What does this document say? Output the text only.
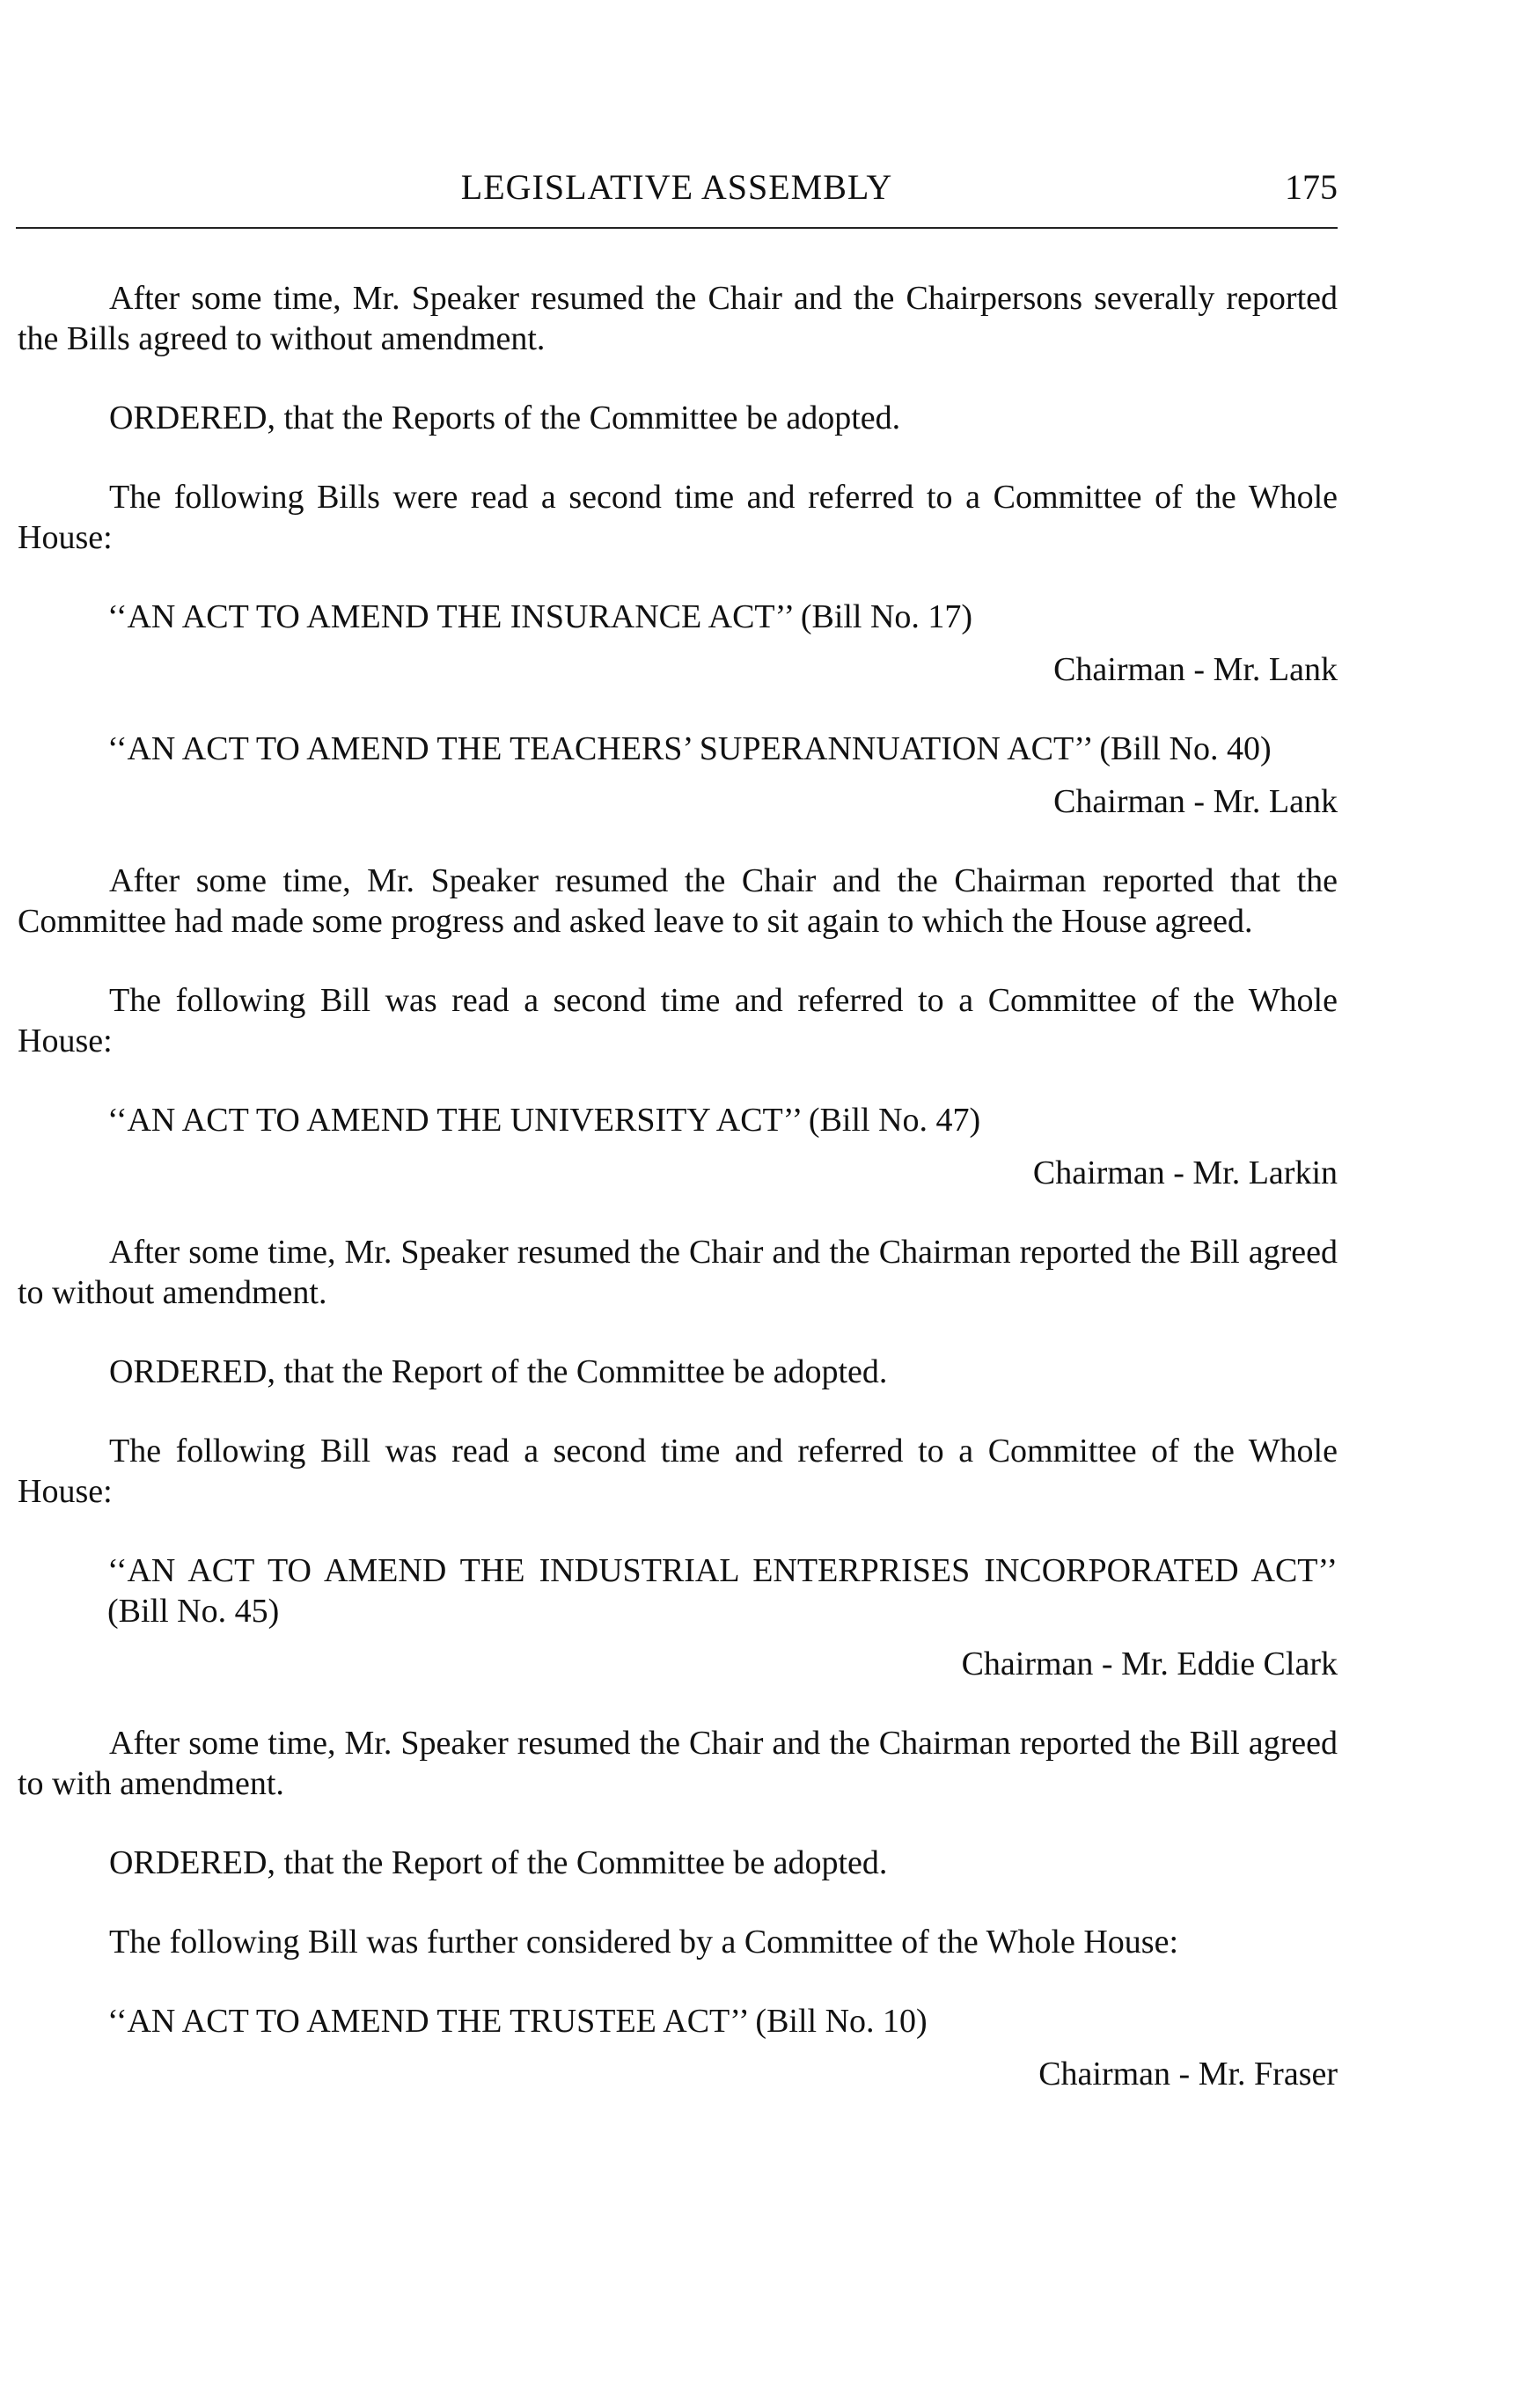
LEGISLATIVE ASSEMBLY	175

After some time, Mr. Speaker resumed the Chair and the Chairpersons severally reported the Bills agreed to without amendment.

ORDERED, that the Reports of the Committee be adopted.

The following Bills were read a second time and referred to a Committee of the Whole House:

‘‘AN ACT TO AMEND THE INSURANCE ACT’’ (Bill No. 17)

Chairman - Mr. Lank

‘‘AN ACT TO AMEND THE TEACHERS’ SUPERANNUATION ACT’’ (Bill No. 40)

Chairman - Mr. Lank

After some time, Mr. Speaker resumed the Chair and the Chairman reported that the Committee had made some progress and asked leave to sit again to which the House agreed.

The following Bill was read a second time and referred to a Committee of the Whole House:

‘‘AN ACT TO AMEND THE UNIVERSITY ACT’’ (Bill No. 47)

Chairman - Mr. Larkin

After some time, Mr. Speaker resumed the Chair and the Chairman reported the Bill agreed to without amendment.

ORDERED, that the Report of the Committee be adopted.

The following Bill was read a second time and referred to a Committee of the Whole House:

‘‘AN ACT TO AMEND THE INDUSTRIAL ENTERPRISES INCORPORATED ACT’’ (Bill No. 45)

Chairman - Mr. Eddie Clark

After some time, Mr. Speaker resumed the Chair and the Chairman reported the Bill agreed to with amendment.

ORDERED, that the Report of the Committee be adopted.

The following Bill was further considered by a Committee of the Whole House:

‘‘AN ACT TO AMEND THE TRUSTEE ACT’’ (Bill No. 10)

Chairman - Mr. Fraser
